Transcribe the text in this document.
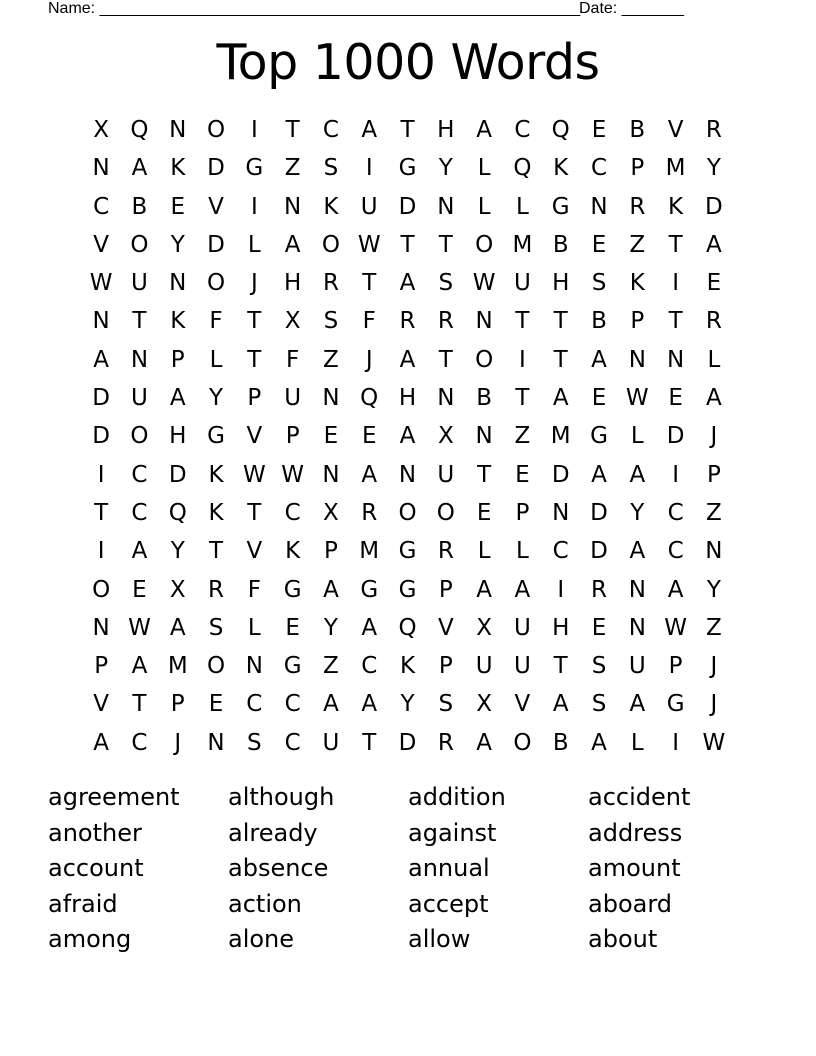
Name: ______________________________________________________
Date: _______
Top 1000 Words
X Q N O	I	T	C A	T H A C Q E	B V R
N A K D G Z	S	I	G Y	L Q K C	P M Y
C B	E	V	I	N K U D N	L	L G N R K D
V O Y D	L	A O W T	T O M B	E	Z	T	A
W U N O	J	H R	T	A	S W U H S	K	I	E
N T	K	F	T	X	S	F	R R N T	T	B	P	T	R
A N P	L	T	F	Z	J	A	T O	I	T	A N N	L
D U A	Y	P U N Q H N B	T	A	E W E	A
D O H G V	P	E	E	A X N Z M G L	D	J
I	C D K W W N A N U T	E D A A	I	P
T	C Q K	T	C X R O O E	P N D Y	C Z
I	A	Y	T	V K	P M G R	L	L	C D A C N
O E	X R	F G A G G P	A A	I	R N A	Y
N W A	S	L	E	Y	A Q V X U H E N W Z
P	A M O N G Z C K	P U U T	S U P	J
V	T	P	E C C A A	Y	S	X V A	S	A G	J
A C	J	N S C U T D R A O B A	L	I	W
agreement	although	addition	accident
another	already	against	address
account	absence	annual	amount
afraid	action	accept	aboard
among	alone	allow	about
